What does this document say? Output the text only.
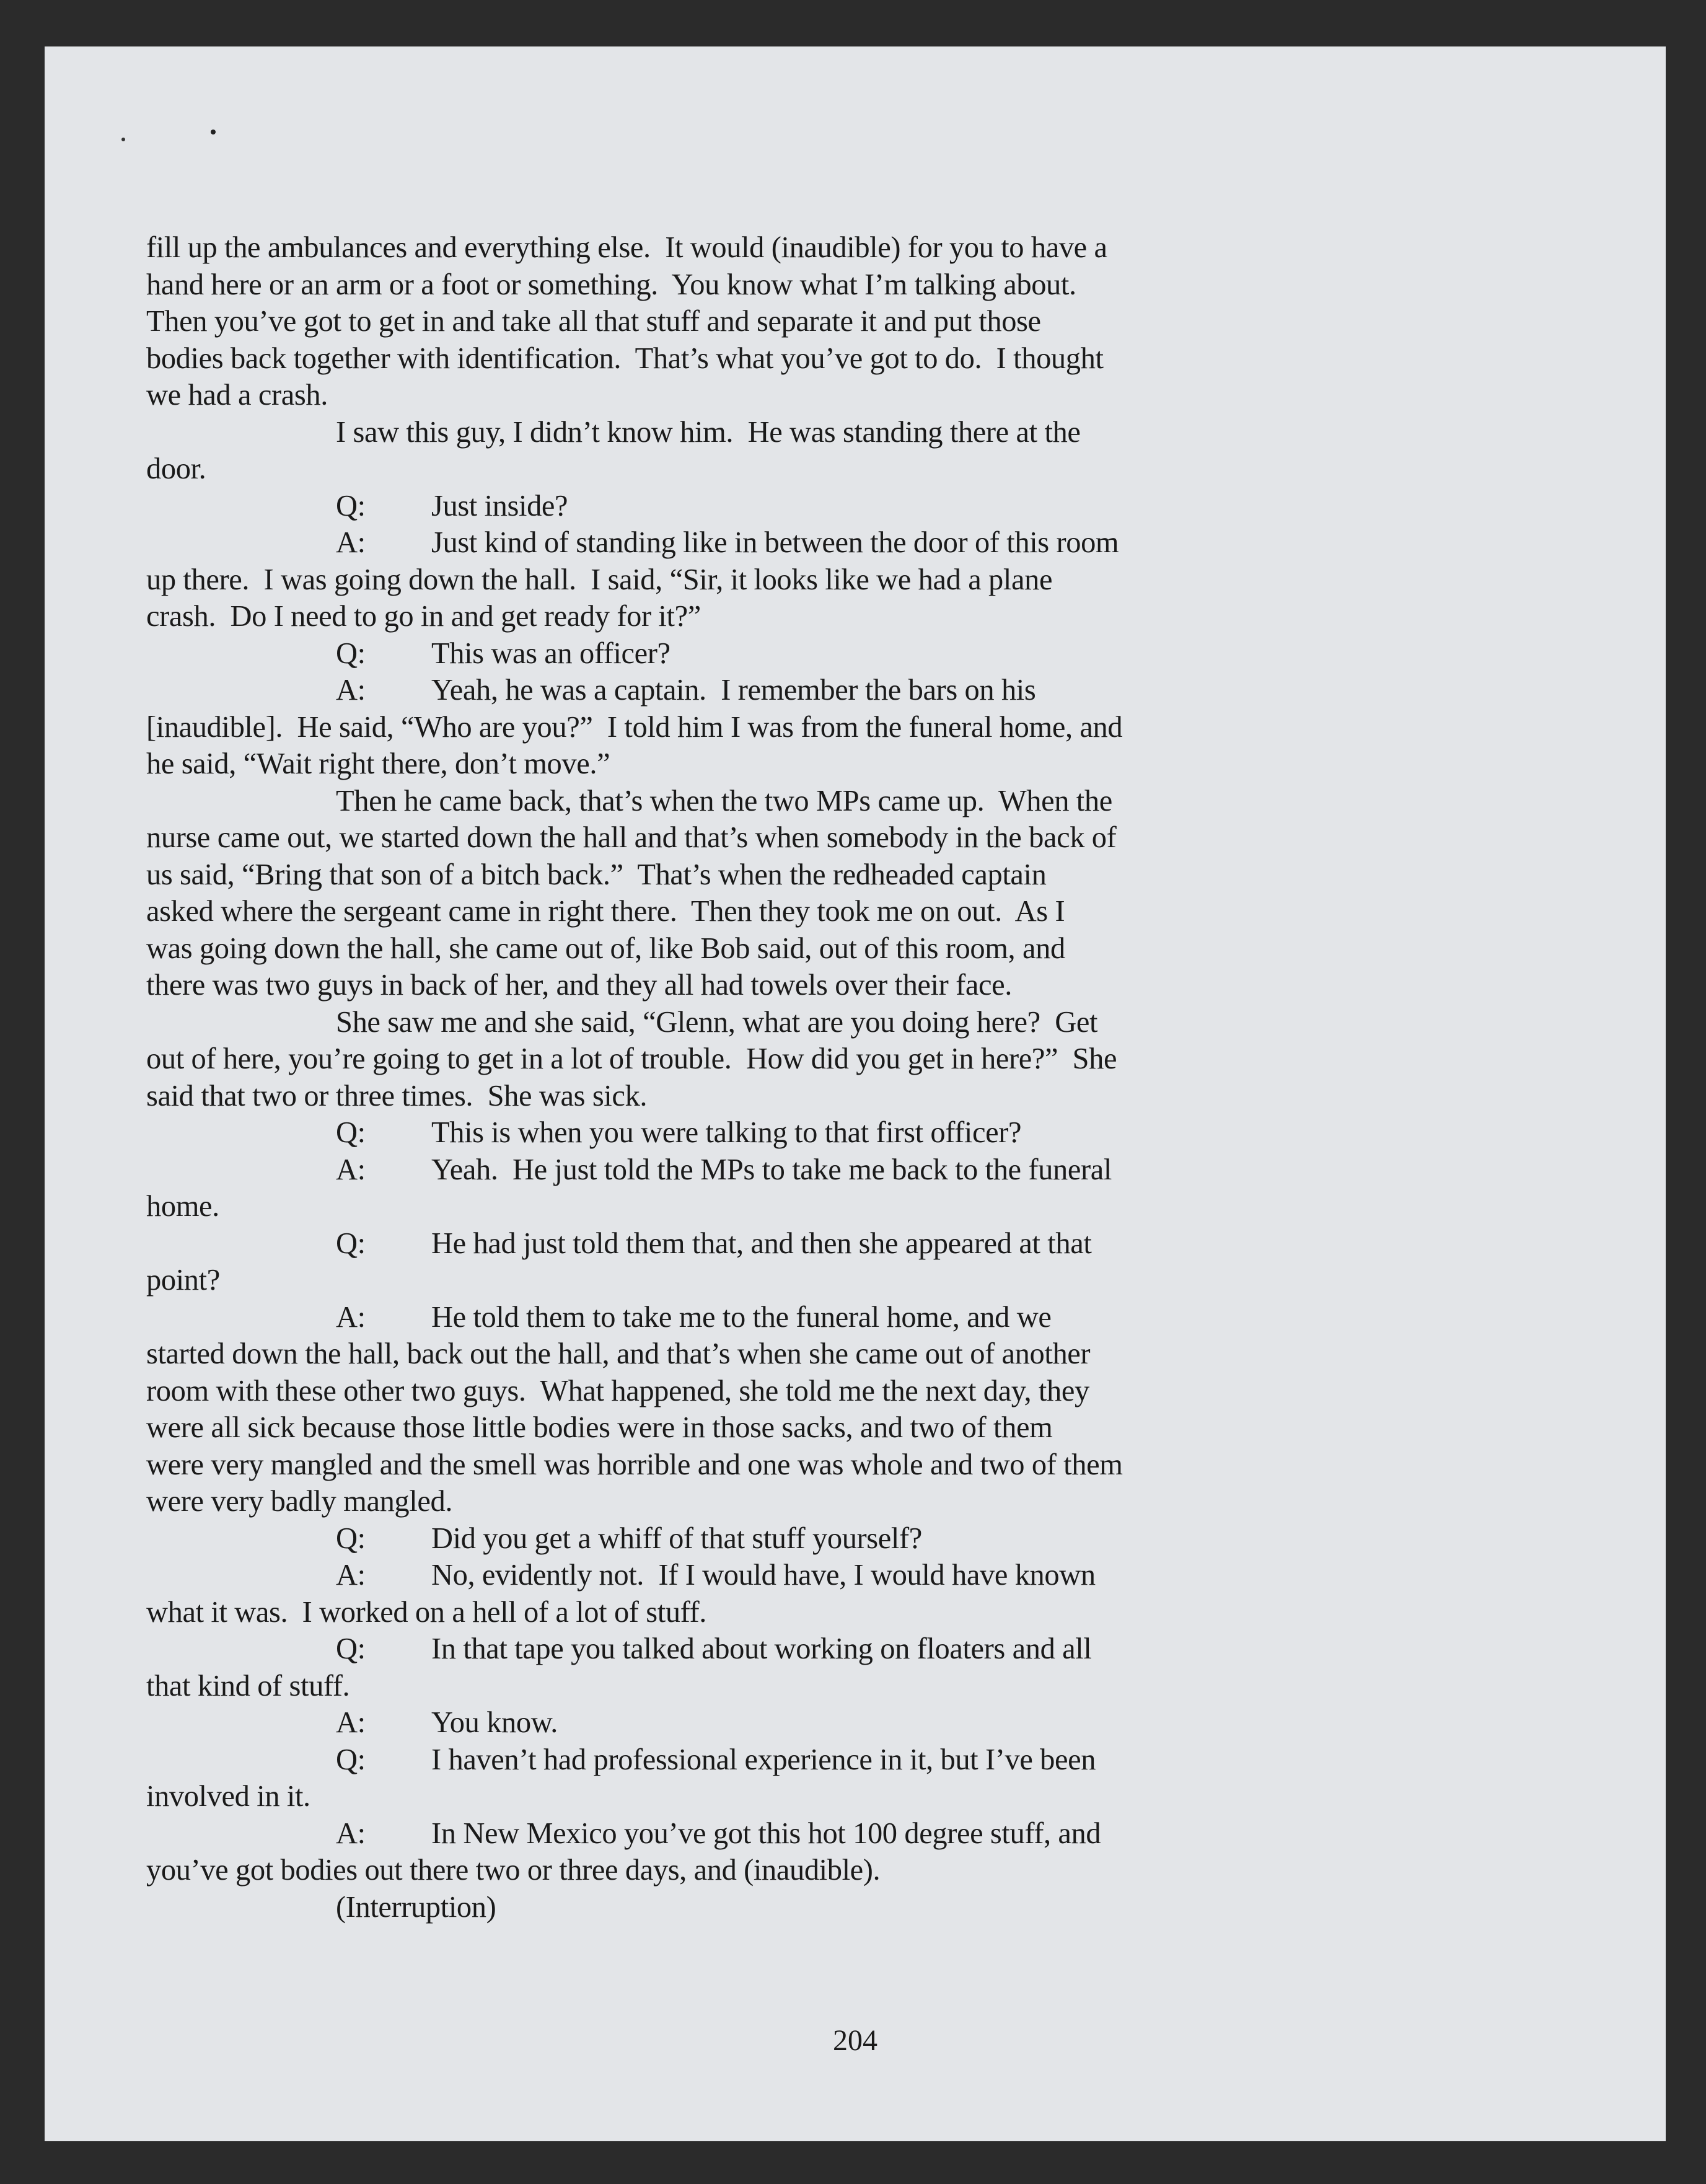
fill up the ambulances and everything else.  It would (inaudible) for you to have a
hand here or an arm or a foot or something.  You know what I’m talking about.
Then you’ve got to get in and take all that stuff and separate it and put those
bodies back together with identification.  That’s what you’ve got to do.  I thought
we had a crash.
I saw this guy, I didn’t know him.  He was standing there at the
door.
Q:	Just inside?
A:	Just kind of standing like in between the door of this room
up there.  I was going down the hall.  I said, “Sir, it looks like we had a plane
crash.  Do I need to go in and get ready for it?”
Q:	This was an officer?
A:	Yeah, he was a captain.  I remember the bars on his
[inaudible].  He said, “Who are you?”  I told him I was from the funeral home, and
he said, “Wait right there, don’t move.”
Then he came back, that’s when the two MPs came up.  When the
nurse came out, we started down the hall and that’s when somebody in the back of
us said, “Bring that son of a bitch back.”  That’s when the redheaded captain
asked where the sergeant came in right there.  Then they took me on out.  As I
was going down the hall, she came out of, like Bob said, out of this room, and
there was two guys in back of her, and they all had towels over their face.
She saw me and she said, “Glenn, what are you doing here?  Get
out of here, you’re going to get in a lot of trouble.  How did you get in here?”  She
said that two or three times.  She was sick.
Q:	This is when you were talking to that first officer?
A:	Yeah.  He just told the MPs to take me back to the funeral
home.
Q:	He had just told them that, and then she appeared at that
point?
A:	He told them to take me to the funeral home, and we
started down the hall, back out the hall, and that’s when she came out of another
room with these other two guys.  What happened, she told me the next day, they
were all sick because those little bodies were in those sacks, and two of them
were very mangled and the smell was horrible and one was whole and two of them
were very badly mangled.
Q:	Did you get a whiff of that stuff yourself?
A:	No, evidently not.  If I would have, I would have known
what it was.  I worked on a hell of a lot of stuff.
Q:	In that tape you talked about working on floaters and all
that kind of stuff.
A:	You know.
Q:	I haven’t had professional experience in it, but I’ve been
involved in it.
A:	In New Mexico you’ve got this hot 100 degree stuff, and
you’ve got bodies out there two or three days, and (inaudible).
(Interruption)
204
